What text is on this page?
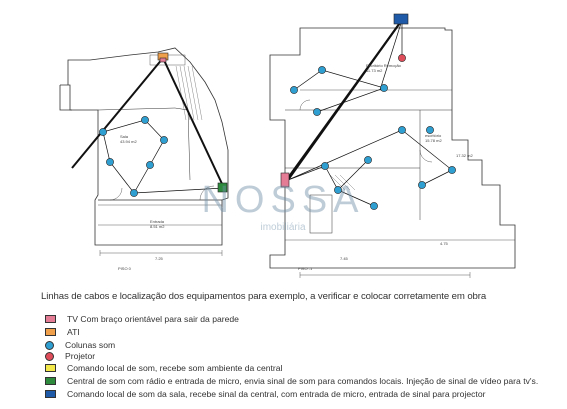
PISO 0	PISO -1
Sala 43.94 m2
Entrada 8.51 m2
Escritório Remoção 11.73 m2
escritório 15.78 m2
17.32 m2
7.25	7.45
4.75
NOSSA
imobiliária
Linhas de cabos e localização dos equipamentos para exemplo, a verificar e colocar corretamente em obra
TV Com braço orientável para sair da parede
ATI
Colunas som
Projetor
Comando local de som, recebe som ambiente da central
Central de som com rádio e entrada de micro, envia sinal de som para comandos locais. Injeção de sinal de vídeo para tv's.
Comando local de som da sala, recebe sinal da central, com entrada de micro, entrada de sinal para projector
